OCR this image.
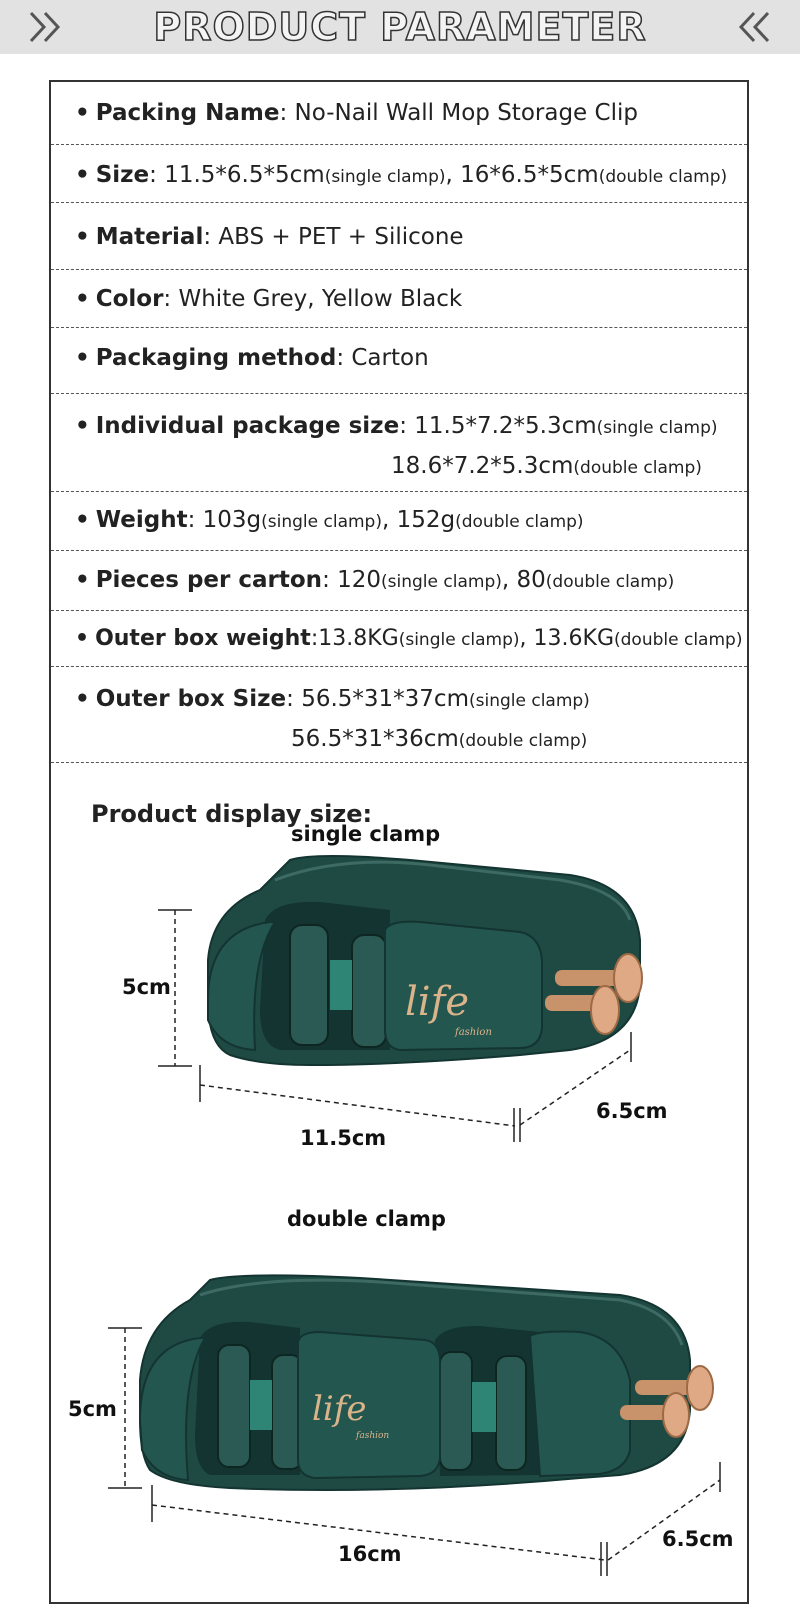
PRODUCT PARAMETER
• Packing Name: No-Nail Wall Mop Storage Clip
• Size: 11.5*6.5*5cm(single clamp), 16*6.5*5cm(double clamp)
• Material: ABS + PET + Silicone
• Color: White Grey, Yellow Black
• Packaging method: Carton
• Individual package size: 11.5*7.2*5.3cm(single clamp)
18.6*7.2*5.3cm(double clamp)
• Weight: 103g(single clamp), 152g(double clamp)
• Pieces per carton: 120(single clamp), 80(double clamp)
• Outer box weight:13.8KG(single clamp), 13.6KG(double clamp)
• Outer box Size: 56.5*31*37cm(single clamp)
56.5*31*36cm(double clamp)
Product display size:
single clamp
double clamp
life
fashion
5cm
11.5cm
6.5cm
life
fashion
5cm
16cm
6.5cm
